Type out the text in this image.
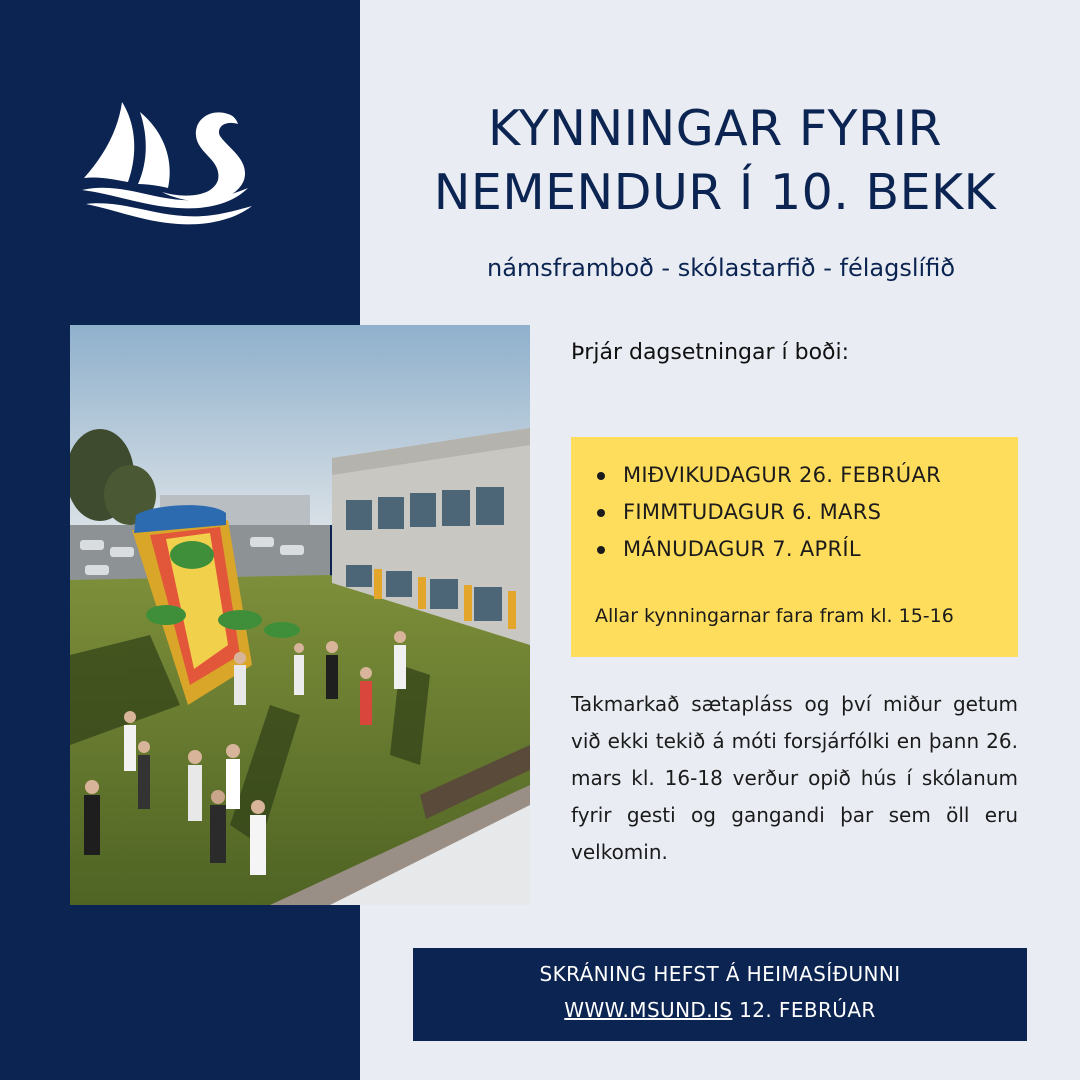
KYNNINGAR FYRIR
NEMENDUR Í 10. BEKK

námsframboð - skólastarfið - félagslífið

Þrjár dagsetningar í boði:

MIÐVIKUDAGUR 26. FEBRÚAR
FIMMTUDAGUR 6. MARS
MÁNUDAGUR 7. APRÍL

Allar kynningarnar fara fram kl. 15-16

Takmarkað sætapláss og því miður getum við ekki tekið á móti forsjárfólki en þann 26. mars kl. 16-18 verður opið hús í skólanum fyrir gesti og gangandi þar sem öll eru velkomin.

SKRÁNING HEFST Á HEIMASÍÐUNNI
WWW.MSUND.IS 12. FEBRÚAR
